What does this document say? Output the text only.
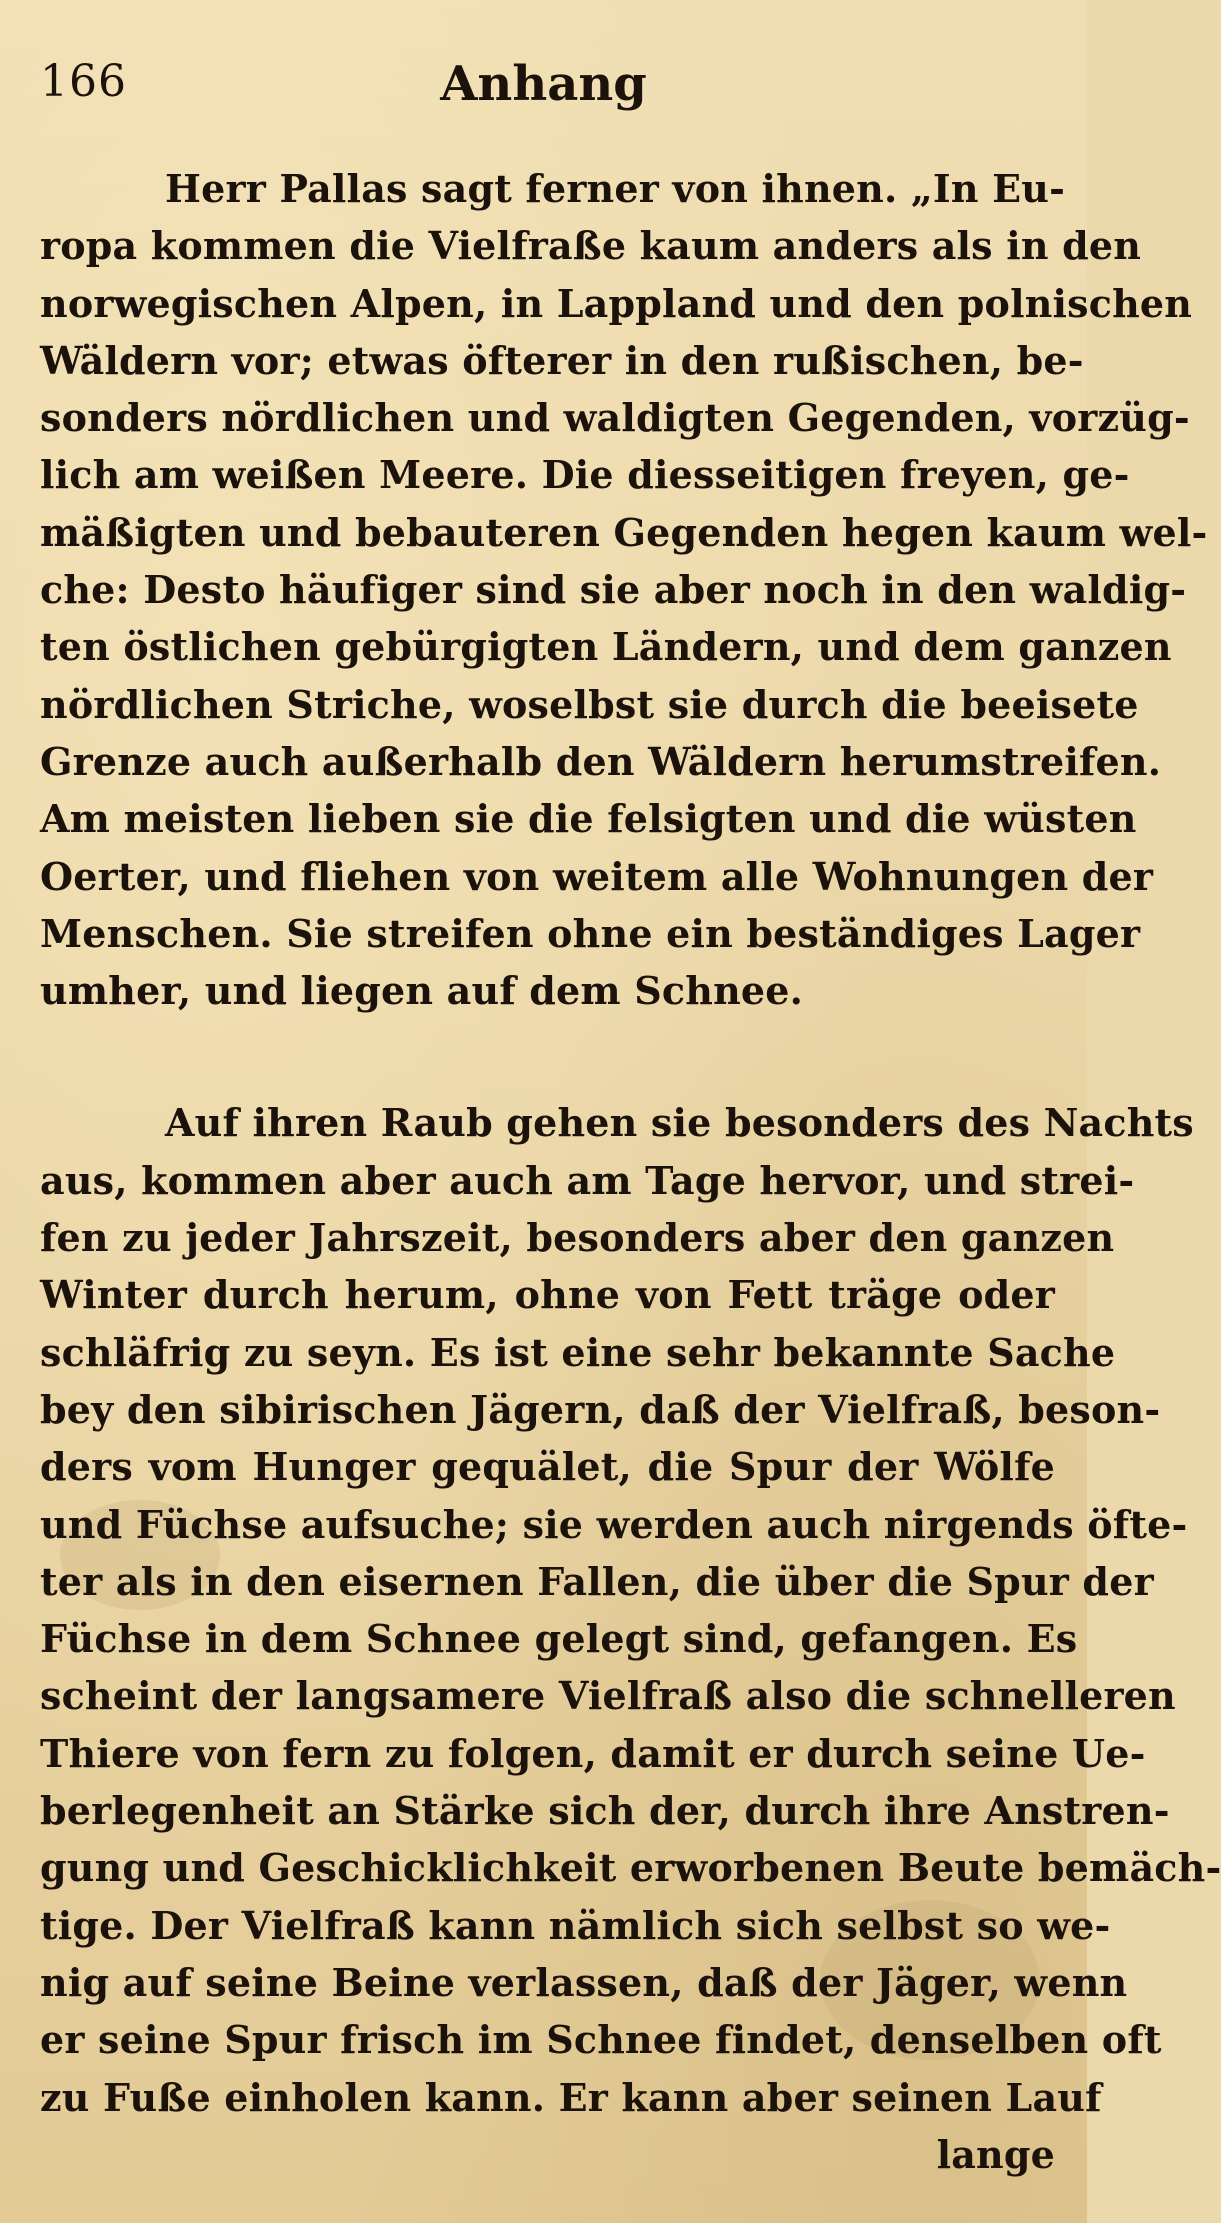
166	Anhang
Herr Pallas sagt ferner von ihnen. „In Eu-
ropa kommen die Vielfraße kaum anders als in den
norwegischen Alpen, in Lappland und den polnischen
Wäldern vor; etwas öfterer in den rußischen, be-
sonders nördlichen und waldigten Gegenden, vorzüg-
lich am weißen Meere. Die diesseitigen freyen, ge-
mäßigten und bebauteren Gegenden hegen kaum wel-
che: Desto häufiger sind sie aber noch in den waldig-
ten östlichen gebürgigten Ländern, und dem ganzen
nördlichen Striche, woselbst sie durch die beeisete
Grenze auch außerhalb den Wäldern herumstreifen.
Am meisten lieben sie die felsigten und die wüsten
Oerter, und fliehen von weitem alle Wohnungen der
Menschen. Sie streifen ohne ein beständiges Lager
umher, und liegen auf dem Schnee.
Auf ihren Raub gehen sie besonders des Nachts
aus, kommen aber auch am Tage hervor, und strei-
fen zu jeder Jahrszeit, besonders aber den ganzen
Winter durch herum, ohne von Fett träge oder
schläfrig zu seyn. Es ist eine sehr bekannte Sache
bey den sibirischen Jägern, daß der Vielfraß, beson-
ders vom Hunger gequälet, die Spur der Wölfe
und Füchse aufsuche; sie werden auch nirgends öfte-
ter als in den eisernen Fallen, die über die Spur der
Füchse in dem Schnee gelegt sind, gefangen. Es
scheint der langsamere Vielfraß also die schnelleren
Thiere von fern zu folgen, damit er durch seine Ue-
berlegenheit an Stärke sich der, durch ihre Anstren-
gung und Geschicklichkeit erworbenen Beute bemäch-
tige. Der Vielfraß kann nämlich sich selbst so we-
nig auf seine Beine verlassen, daß der Jäger, wenn
er seine Spur frisch im Schnee findet, denselben oft
zu Fuße einholen kann. Er kann aber seinen Lauf
lange
